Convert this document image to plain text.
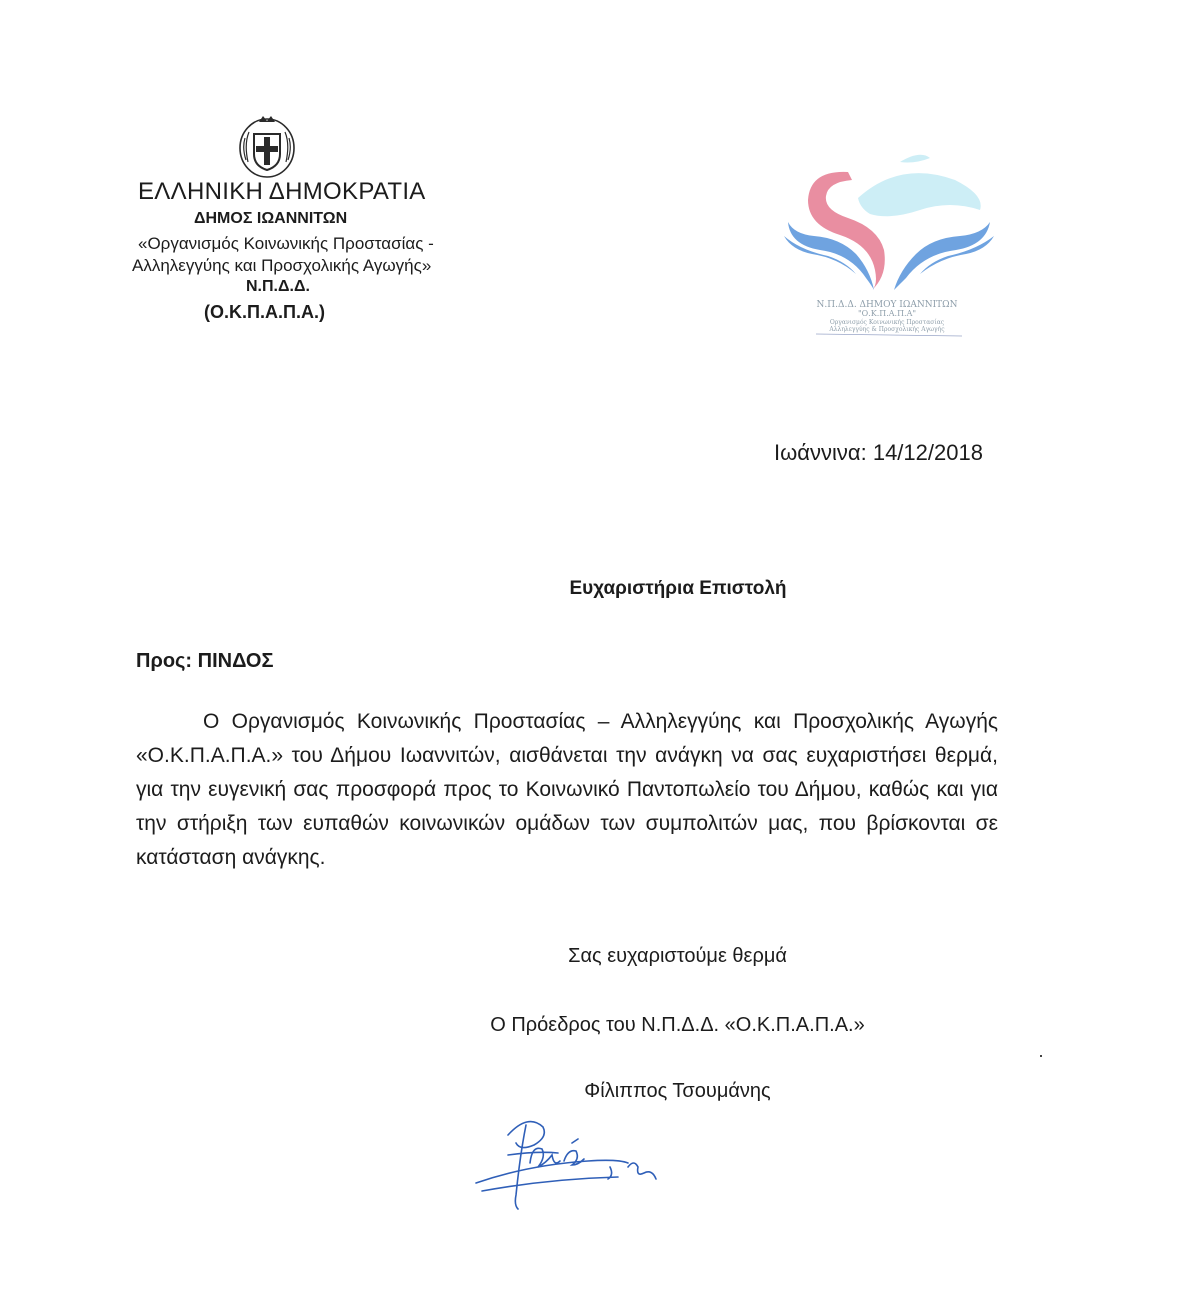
ΕΛΛΗΝΙΚΗ ΔΗΜΟΚΡΑΤΙΑ
ΔΗΜΟΣ ΙΩΑΝΝΙΤΩΝ
«Οργανισμός Κοινωνικής Προστασίας -
Αλληλεγγύης και Προσχολικής Αγωγής»
Ν.Π.Δ.Δ.
(Ο.Κ.Π.Α.Π.Α.)	Ν.Π.Δ.Δ. ΔΗΜΟΥ ΙΩΑΝΝΙΤΩΝ
"Ο.Κ.Π.Α.Π.Α"
Οργανισμός Κοινωνικής Προστασίας
Αλληλεγγύης & Προσχολικής Αγωγής
Ιωάννινα: 14/12/2018
Ευχαριστήρια Επιστολή
Προς: ΠΙΝΔΟΣ
Ο Οργανισμός Κοινωνικής Προστασίας – Αλληλεγγύης και Προσχολικής Αγωγής «Ο.Κ.Π.Α.Π.Α.» του Δήμου Ιωαννιτών, αισθάνεται την ανάγκη να σας ευχαριστήσει θερμά, για την ευγενική σας προσφορά προς το Κοινωνικό Παντοπωλείο του Δήμου, καθώς και για την στήριξη των ευπαθών κοινωνικών ομάδων των συμπολιτών μας, που βρίσκονται σε κατάσταση ανάγκης.
Σας ευχαριστούμε θερμά
Ο Πρόεδρος του Ν.Π.Δ.Δ. «Ο.Κ.Π.Α.Π.Α.»
Φίλιππος Τσουμάνης
